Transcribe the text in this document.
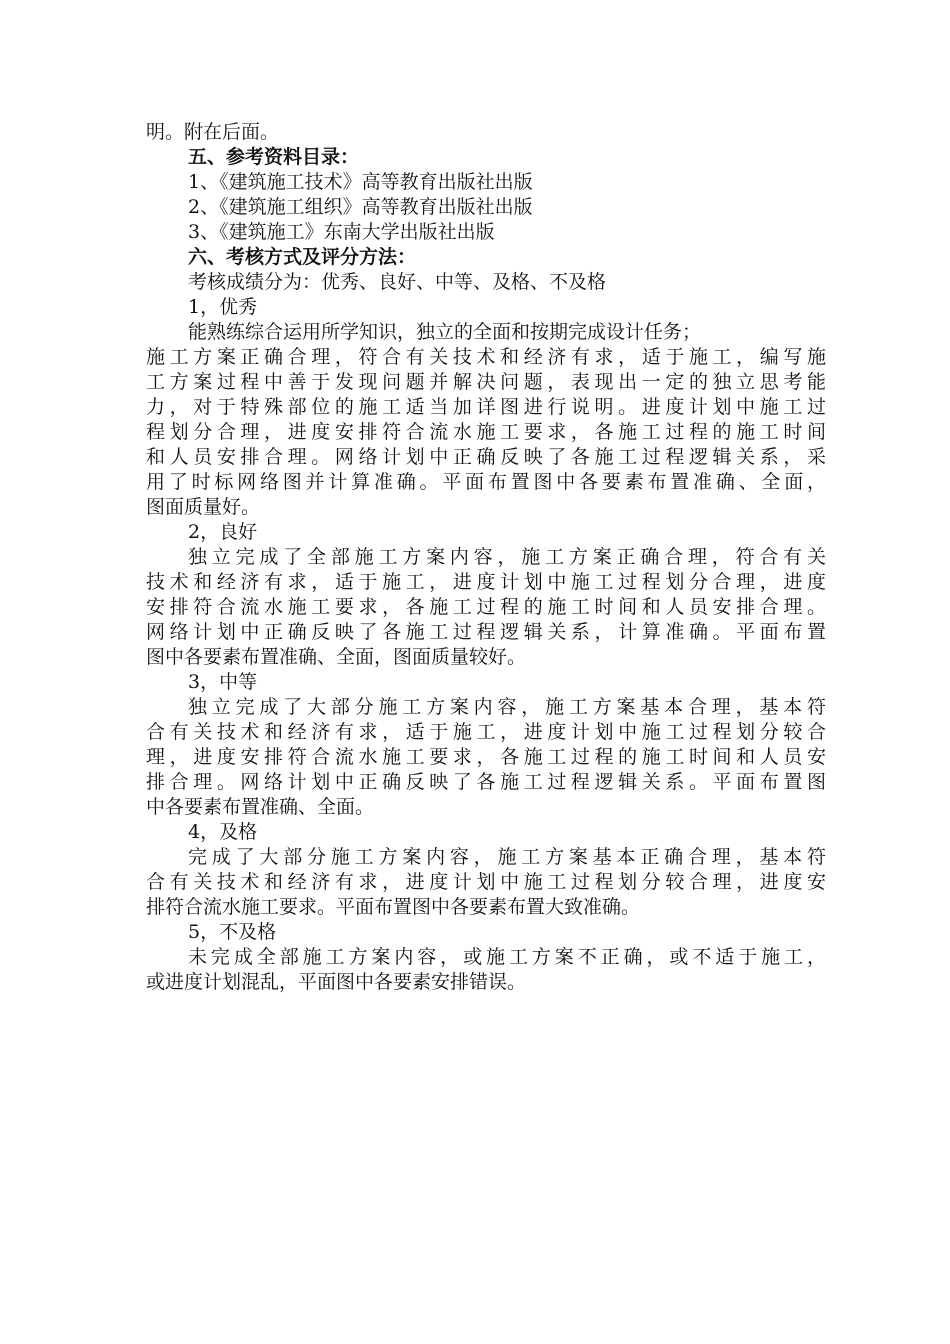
明。附在后面。
五、参考资料目录：
1、《建筑施工技术》高等教育出版社出版
2、《建筑施工组织》高等教育出版社出版
3、《建筑施工》东南大学出版社出版
六、考核方式及评分方法：
考核成绩分为：优秀、良好、中等、及格、不及格
1，优秀
能熟练综合运用所学知识，独立的全面和按期完成设计任务；
施工方案正确合理，符合有关技术和经济有求，适于施工，编写施
工方案过程中善于发现问题并解决问题，表现出一定的独立思考能
力，对于特殊部位的施工适当加详图进行说明。进度计划中施工过
程划分合理，进度安排符合流水施工要求，各施工过程的施工时间
和人员安排合理。网络计划中正确反映了各施工过程逻辑关系，采
用了时标网络图并计算准确。平面布置图中各要素布置准确、全面，
图面质量好。
2，良好
独立完成了全部施工方案内容，施工方案正确合理，符合有关
技术和经济有求，适于施工，进度计划中施工过程划分合理，进度
安排符合流水施工要求，各施工过程的施工时间和人员安排合理。
网络计划中正确反映了各施工过程逻辑关系，计算准确。平面布置
图中各要素布置准确、全面，图面质量较好。
3，中等
独立完成了大部分施工方案内容，施工方案基本合理，基本符
合有关技术和经济有求，适于施工，进度计划中施工过程划分较合
理，进度安排符合流水施工要求，各施工过程的施工时间和人员安
排合理。网络计划中正确反映了各施工过程逻辑关系。平面布置图
中各要素布置准确、全面。
4，及格
完成了大部分施工方案内容，施工方案基本正确合理，基本符
合有关技术和经济有求，进度计划中施工过程划分较合理，进度安
排符合流水施工要求。平面布置图中各要素布置大致准确。
5，不及格
未完成全部施工方案内容，或施工方案不正确，或不适于施工，
或进度计划混乱，平面图中各要素安排错误。
